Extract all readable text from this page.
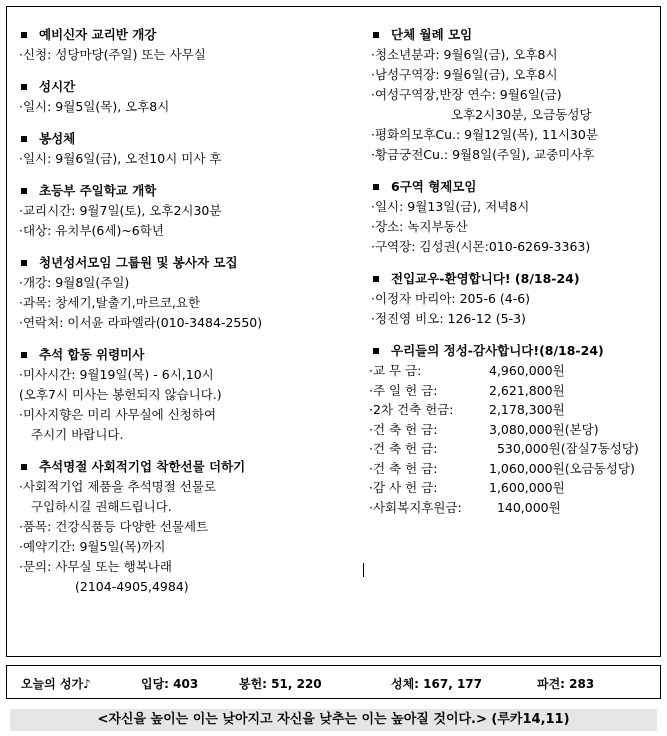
예비신자 교리반 개강
·신청: 성당마당(주일) 또는 사무실
성시간
·일시: 9월5일(목), 오후8시
봉성체
·일시: 9월6일(금), 오전10시 미사 후
초등부 주일학교 개학
·교리시간: 9월7일(토), 오후2시30분
·대상: 유치부(6세)~6학년
청년성서모임 그룹원 및 봉사자 모집
·개강: 9월8일(주일)
·과목: 창세기,탈출기,마르코,요한
·연락처: 이서윤 라파엘라(010-3484-2550)
추석 합동 위령미사
·미사시간: 9월19일(목) - 6시,10시
(오후7시 미사는 봉헌되지 않습니다.)
·미사지향은 미리 사무실에 신청하여
주시기 바랍니다.
추석명절 사회적기업 착한선물 더하기
·사회적기업 제품을 추석명절 선물로
구입하시길 권해드립니다.
·품목: 건강식품등 다양한 선물세트
·예약기간: 9월5일(목)까지
·문의: 사무실 또는 행복나래
(2104-4905,4984)
단체 월례 모임
·청소년분과: 9월6일(금), 오후8시
·남성구역장: 9월6일(금), 오후8시
·여성구역장,반장 연수: 9월6일(금)
오후2시30분, 오금동성당
·평화의모후Cu.: 9월12일(목), 11시30분
·황금궁전Cu.: 9월8일(주일), 교중미사후
6구역 형제모임
·일시: 9월13일(금), 저녁8시
·장소: 녹지부동산
·구역장: 김성권(시몬:010-6269-3363)
전입교우-환영합니다! (8/18-24)
·이정자 마리아: 205-6 (4-6)
·정진영 비오: 126-12 (5-3)
우리들의 정성-감사합니다!(8/18-24)
·교 무 금:	4,960,000원
·주 일 헌 금:	2,621,800원
·2차 건축 헌금:	2,178,300원
·건 축 헌 금:	3,080,000원(본당)
·건 축 헌 금:	530,000원(잠실7동성당)
·건 축 헌 금:	1,060,000원(오금동성당)
·감 사 헌 금:	1,600,000원
·사회복지후원금:	140,000원
오늘의 성가♪	입당: 403	봉헌: 51, 220	성체: 167, 177	파견: 283
<자신을 높이는 이는 낮아지고 자신을 낮추는 이는 높아질 것이다.> (루카14,11)
